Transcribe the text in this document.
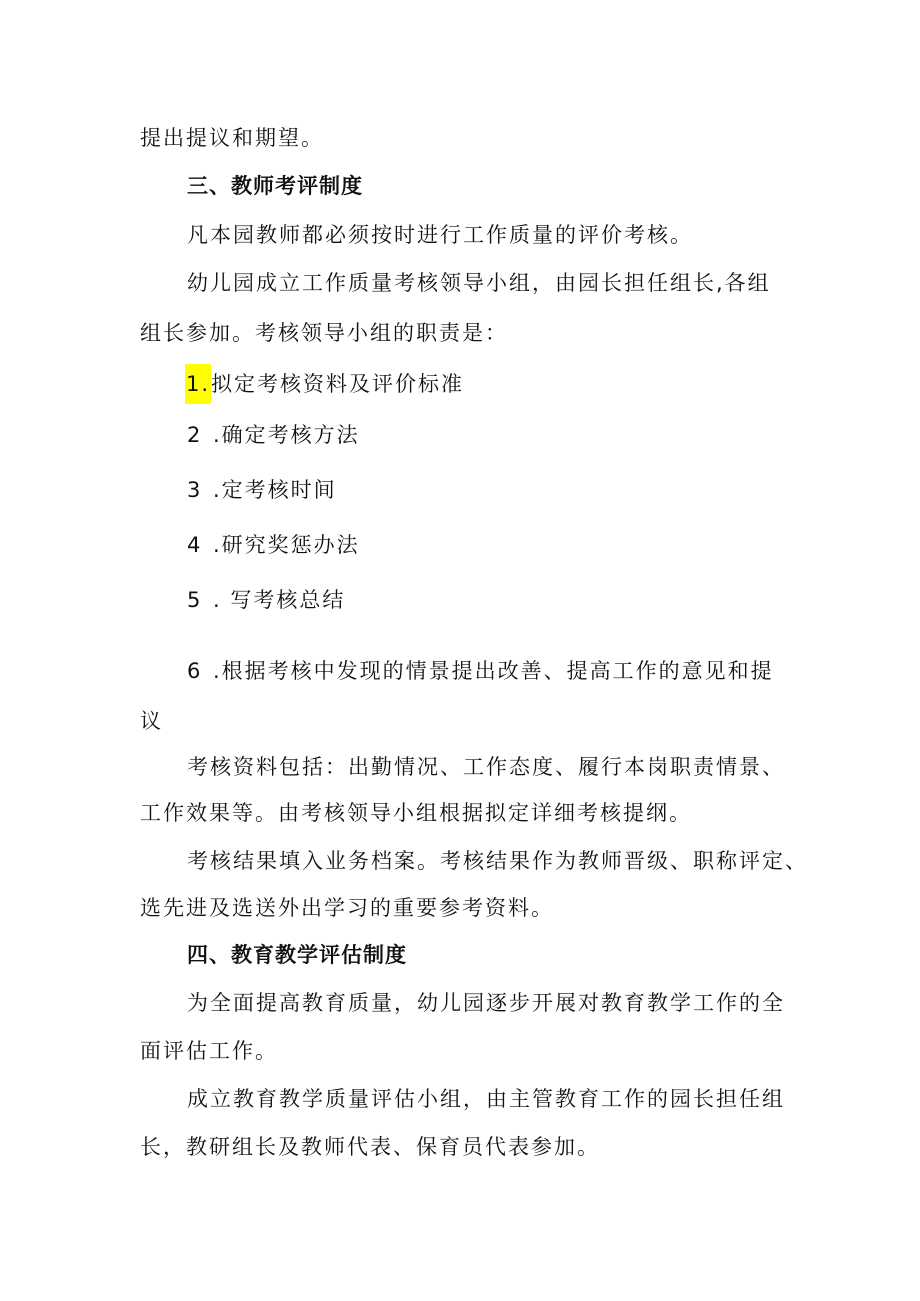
提出提议和期望。
三、教师考评制度
凡本园教师都必须按时进行工作质量的评价考核。
幼儿园成立工作质量考核领导小组，由园长担任组长,各组
组长参加。考核领导小组的职责是：
1.拟定考核资料及评价标准
2 .确定考核方法
3 .定考核时间
4 .研究奖惩办法
5 . 写考核总结
6 .根据考核中发现的情景提出改善、提高工作的意见和提
议
考核资料包括：出勤情况、工作态度、履行本岗职责情景、
工作效果等。由考核领导小组根据拟定详细考核提纲。
考核结果填入业务档案。考核结果作为教师晋级、职称评定、
选先进及选送外出学习的重要参考资料。
四、教育教学评估制度
为全面提高教育质量，幼儿园逐步开展对教育教学工作的全
面评估工作。
成立教育教学质量评估小组，由主管教育工作的园长担任组
长，教研组长及教师代表、保育员代表参加。
